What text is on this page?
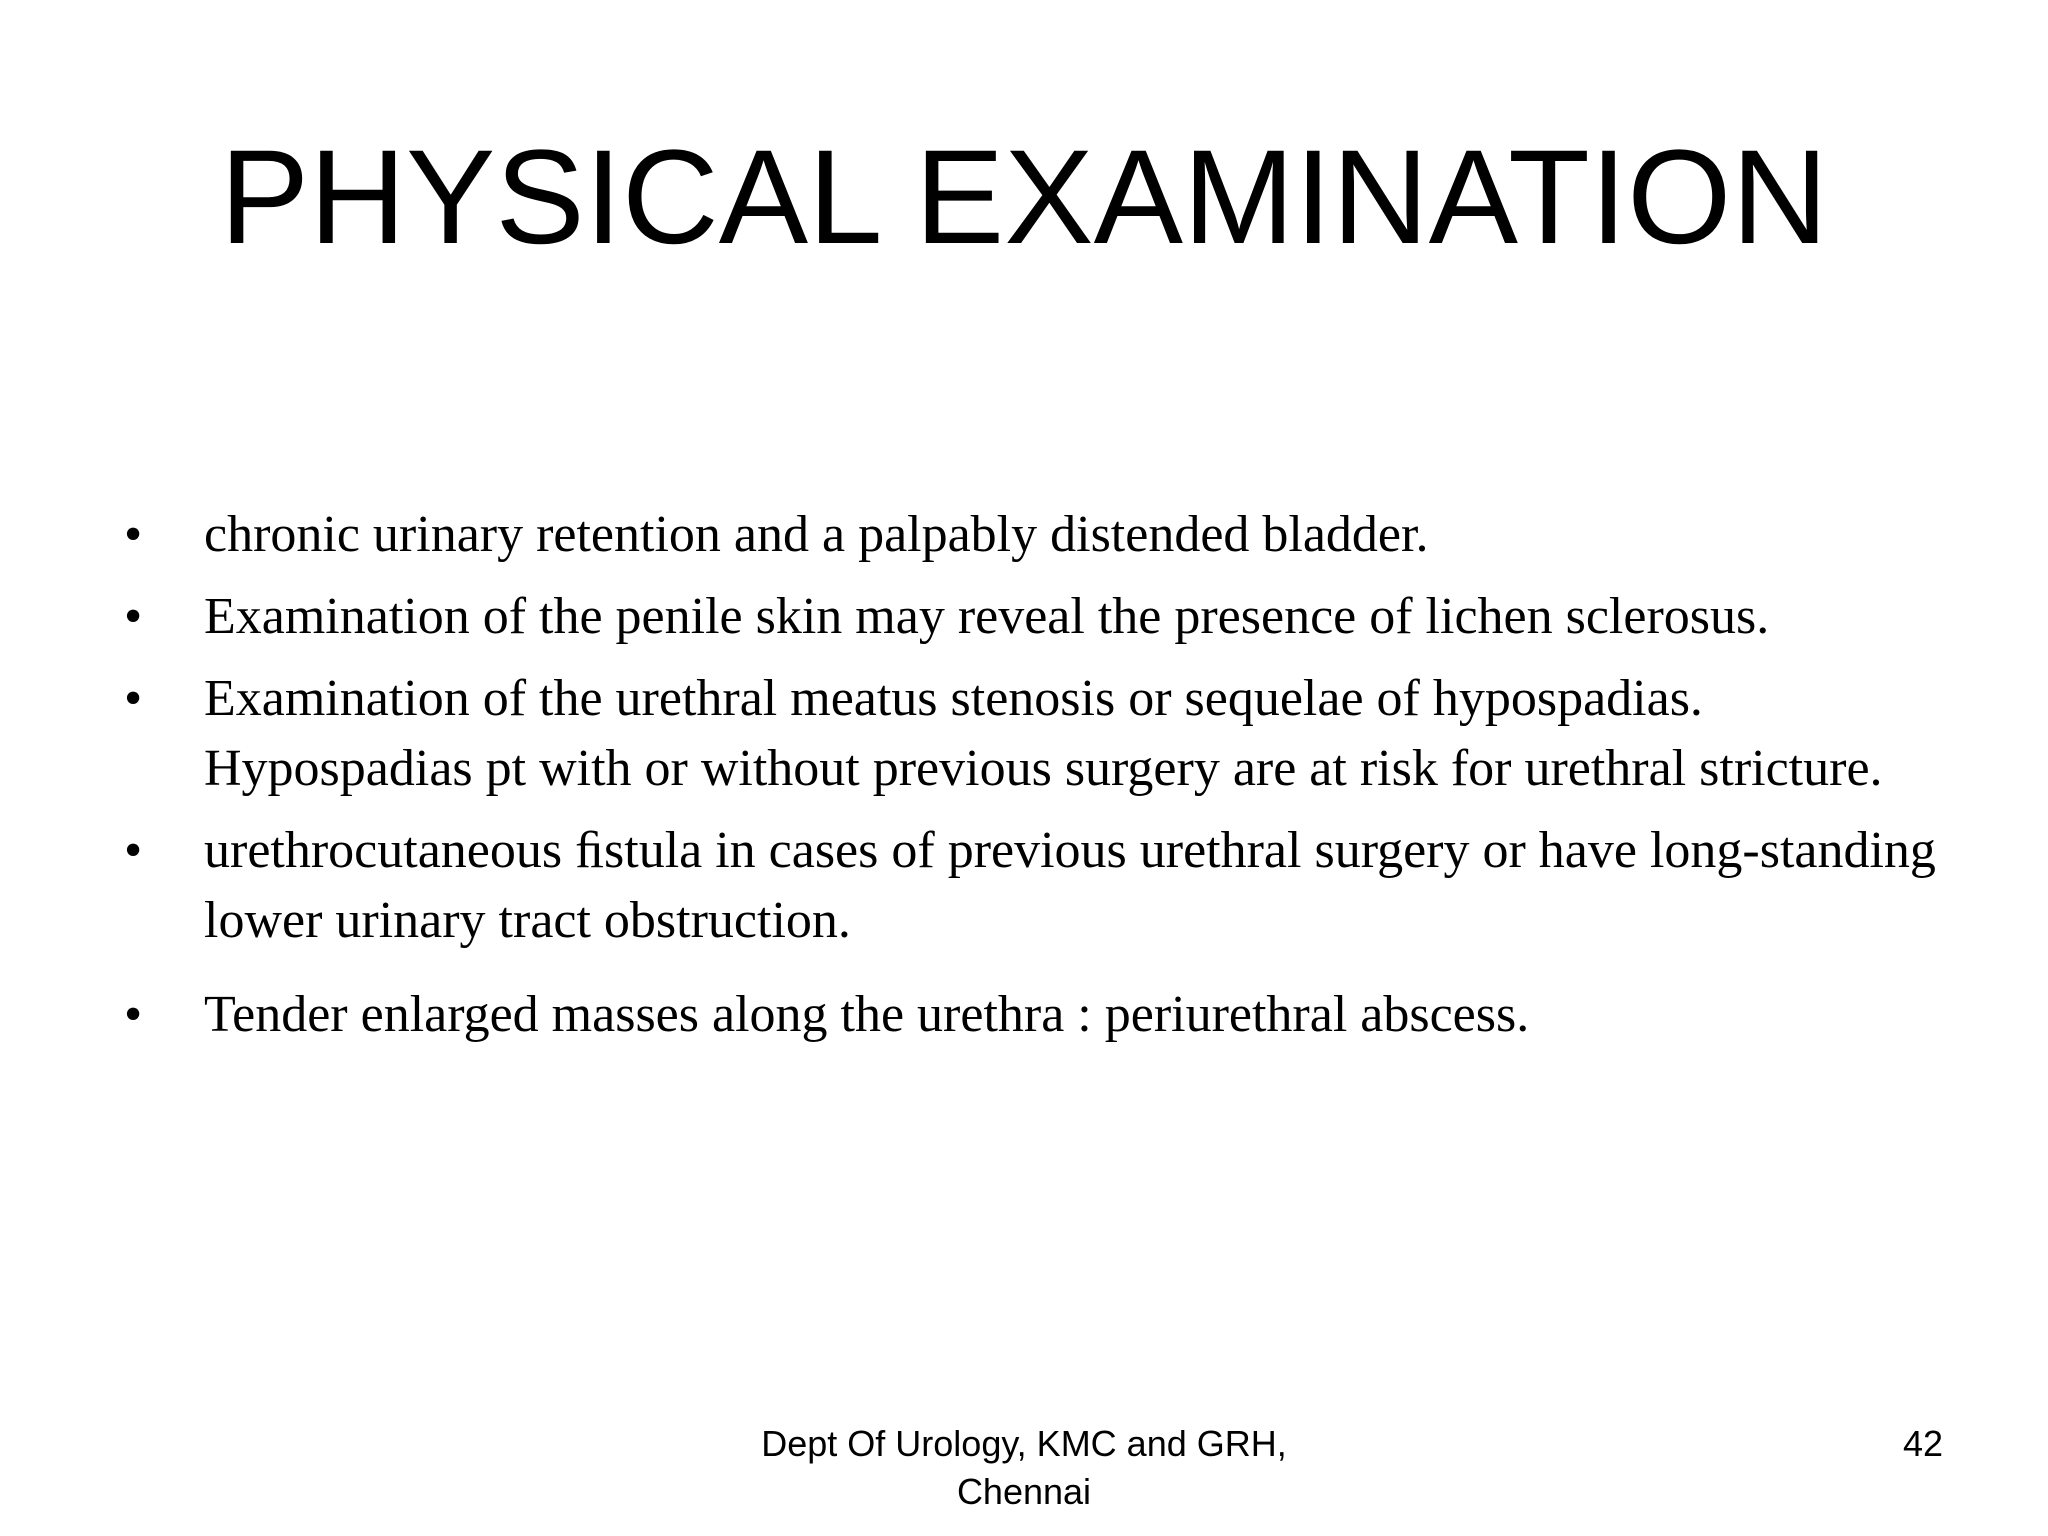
PHYSICAL EXAMINATION
•	chronic urinary retention and a palpably distended bladder.
•	Examination of the penile skin may reveal the presence of lichen sclerosus.
•	Examination of the urethral meatus stenosis or sequelae of hypospadias. Hypospadias pt with or without previous surgery are at risk for urethral stricture.
•	urethrocutaneous ﬁstula in cases of previous urethral surgery or have long-standing lower urinary tract obstruction.
•	Tender enlarged masses along the urethra : periurethral abscess.
Dept Of Urology, KMC and GRH,
Chennai
42
